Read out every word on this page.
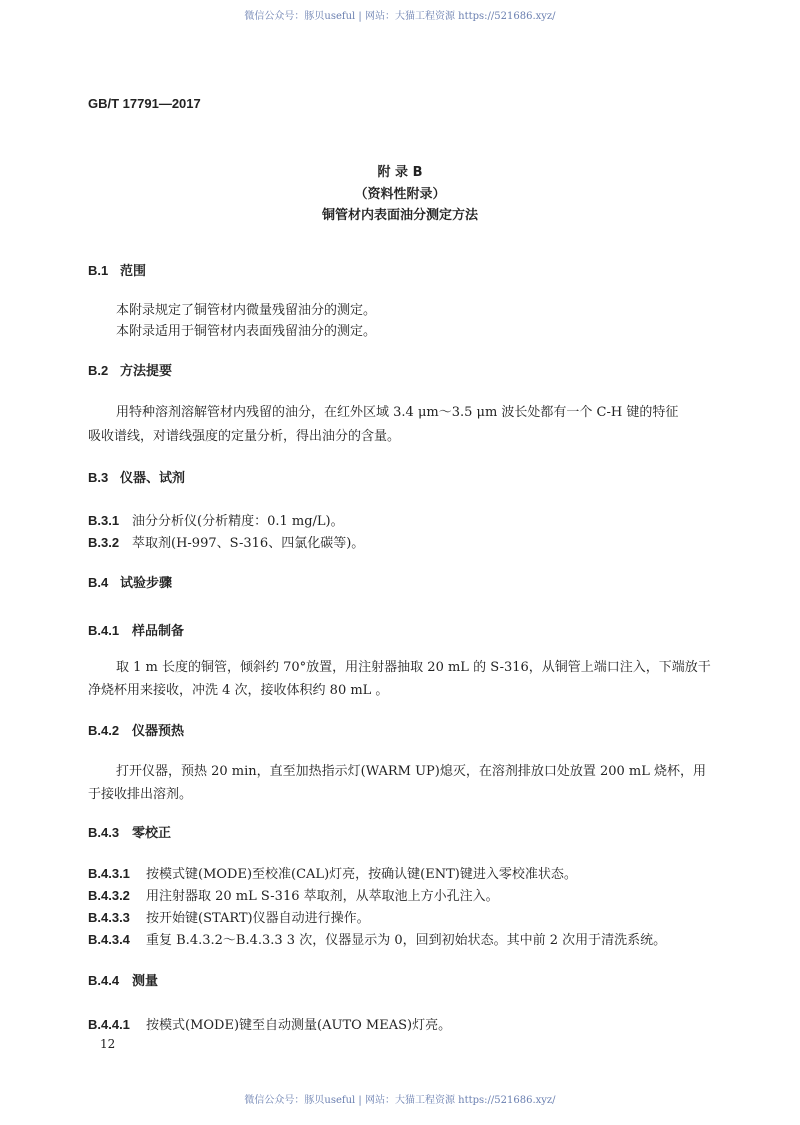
微信公众号：豚贝useful | 网站：大猫工程资源 https://521686.xyz/
GB/T 17791—2017
附 录 B
（资料性附录）
铜管材内表面油分测定方法
B.1 范围
本附录规定了铜管材内微量残留油分的测定。
本附录适用于铜管材内表面残留油分的测定。
B.2 方法提要
用特种溶剂溶解管材内残留的油分，在红外区域 3.4 μm～3.5 μm 波长处都有一个 C-H 键的特征
吸收谱线，对谱线强度的定量分析，得出油分的含量。
B.3 仪器、试剂
B.3.1 油分分析仪(分析精度：0.1 mg/L)。
B.3.2 萃取剂(H-997、S-316、四氯化碳等)。
B.4 试验步骤
B.4.1 样品制备
取 1 m 长度的铜管，倾斜约 70°放置，用注射器抽取 20 mL 的 S-316，从铜管上端口注入，下端放干
净烧杯用来接收，冲洗 4 次，接收体积约 80 mL 。
B.4.2 仪器预热
打开仪器，预热 20 min，直至加热指示灯(WARM UP)熄灭，在溶剂排放口处放置 200 mL 烧杯，用
于接收排出溶剂。
B.4.3 零校正
B.4.3.1 按模式键(MODE)至校准(CAL)灯亮，按确认键(ENT)键进入零校准状态。
B.4.3.2 用注射器取 20 mL S-316 萃取剂，从萃取池上方小孔注入。
B.4.3.3 按开始键(START)仪器自动进行操作。
B.4.3.4 重复 B.4.3.2～B.4.3.3 3 次，仪器显示为 0，回到初始状态。其中前 2 次用于清洗系统。
B.4.4 测量
B.4.4.1 按模式(MODE)键至自动测量(AUTO MEAS)灯亮。
12
微信公众号：豚贝useful | 网站：大猫工程资源 https://521686.xyz/
